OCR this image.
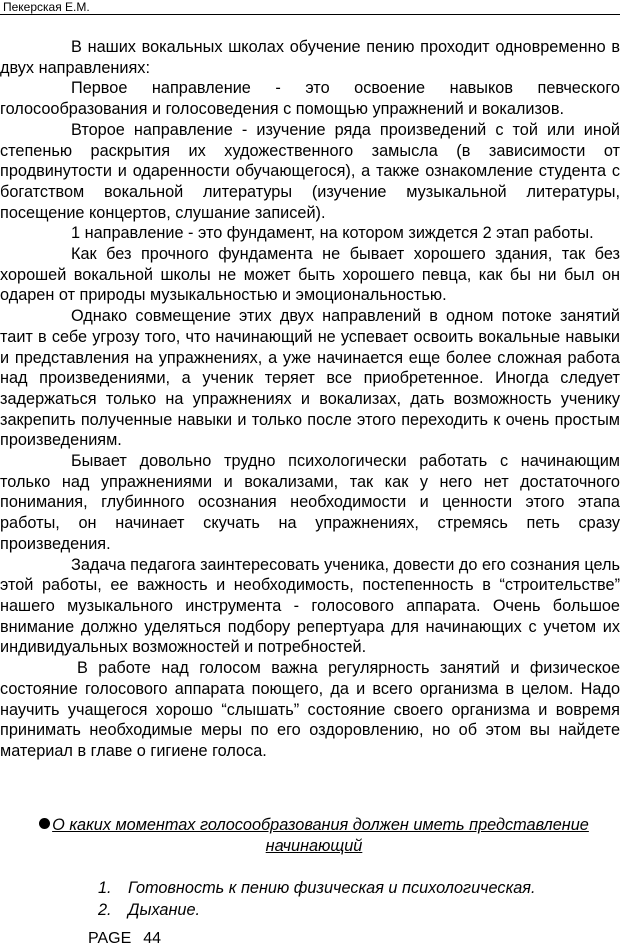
Пекерская Е.М.

В наших вокальных школах обучение пению проходит одновременно в двух направлениях:

Первое направление - это освоение навыков певческого голосообразования и голосоведения с помощью упражнений и вокализов.

Второе направление - изучение ряда произведений с той или иной степенью раскрытия их художественного замысла (в зависимости от продвинутости и одаренности обучающегося), а также ознакомление студента с богатством вокальной литературы (изучение музыкальной литературы, посещение концертов, слушание записей).

1 направление - это фундамент, на котором зиждется 2 этап работы.

Как без прочного фундамента не бывает хорошего здания, так без хорошей вокальной школы не может быть хорошего певца, как бы ни был он одарен от природы музыкальностью и эмоциональностью.

Однако совмещение этих двух направлений в одном потоке занятий таит в себе угрозу того, что начинающий не успевает освоить вокальные навыки и представления на упражнениях, а уже начинается еще более сложная работа над произведениями, а ученик теряет все приобретенное. Иногда следует задержаться только на упражнениях и вокализах, дать возможность ученику закрепить полученные навыки и только после этого переходить к очень простым произведениям.

Бывает довольно трудно психологически работать с начинающим только над упражнениями и вокализами, так как у него нет достаточного понимания, глубинного осознания необходимости и ценности этого этапа работы, он начинает скучать на упражнениях, стремясь петь сразу произведения.

Задача педагога заинтересовать ученика, довести до его сознания цель этой работы, ее важность и необходимость, постепенность в “строительстве” нашего музыкального инструмента - голосового аппарата. Очень большое внимание должно уделяться подбору репертуара для начинающих с учетом их индивидуальных возможностей и потребностей.

В работе над голосом важна регулярность занятий и физическое состояние голосового аппарата поющего, да и всего организма в целом. Надо научить учащегося хорошо “слышать” состояние своего организма и вовремя принимать необходимые меры по его оздоровлению, но об этом вы найдете материал в главе о гигиене голоса.

О каких моментах голосообразования должен иметь представление начинающий
1.	Готовность к пению физическая и психологическая.
2.	Дыхание.
PAGE 44
